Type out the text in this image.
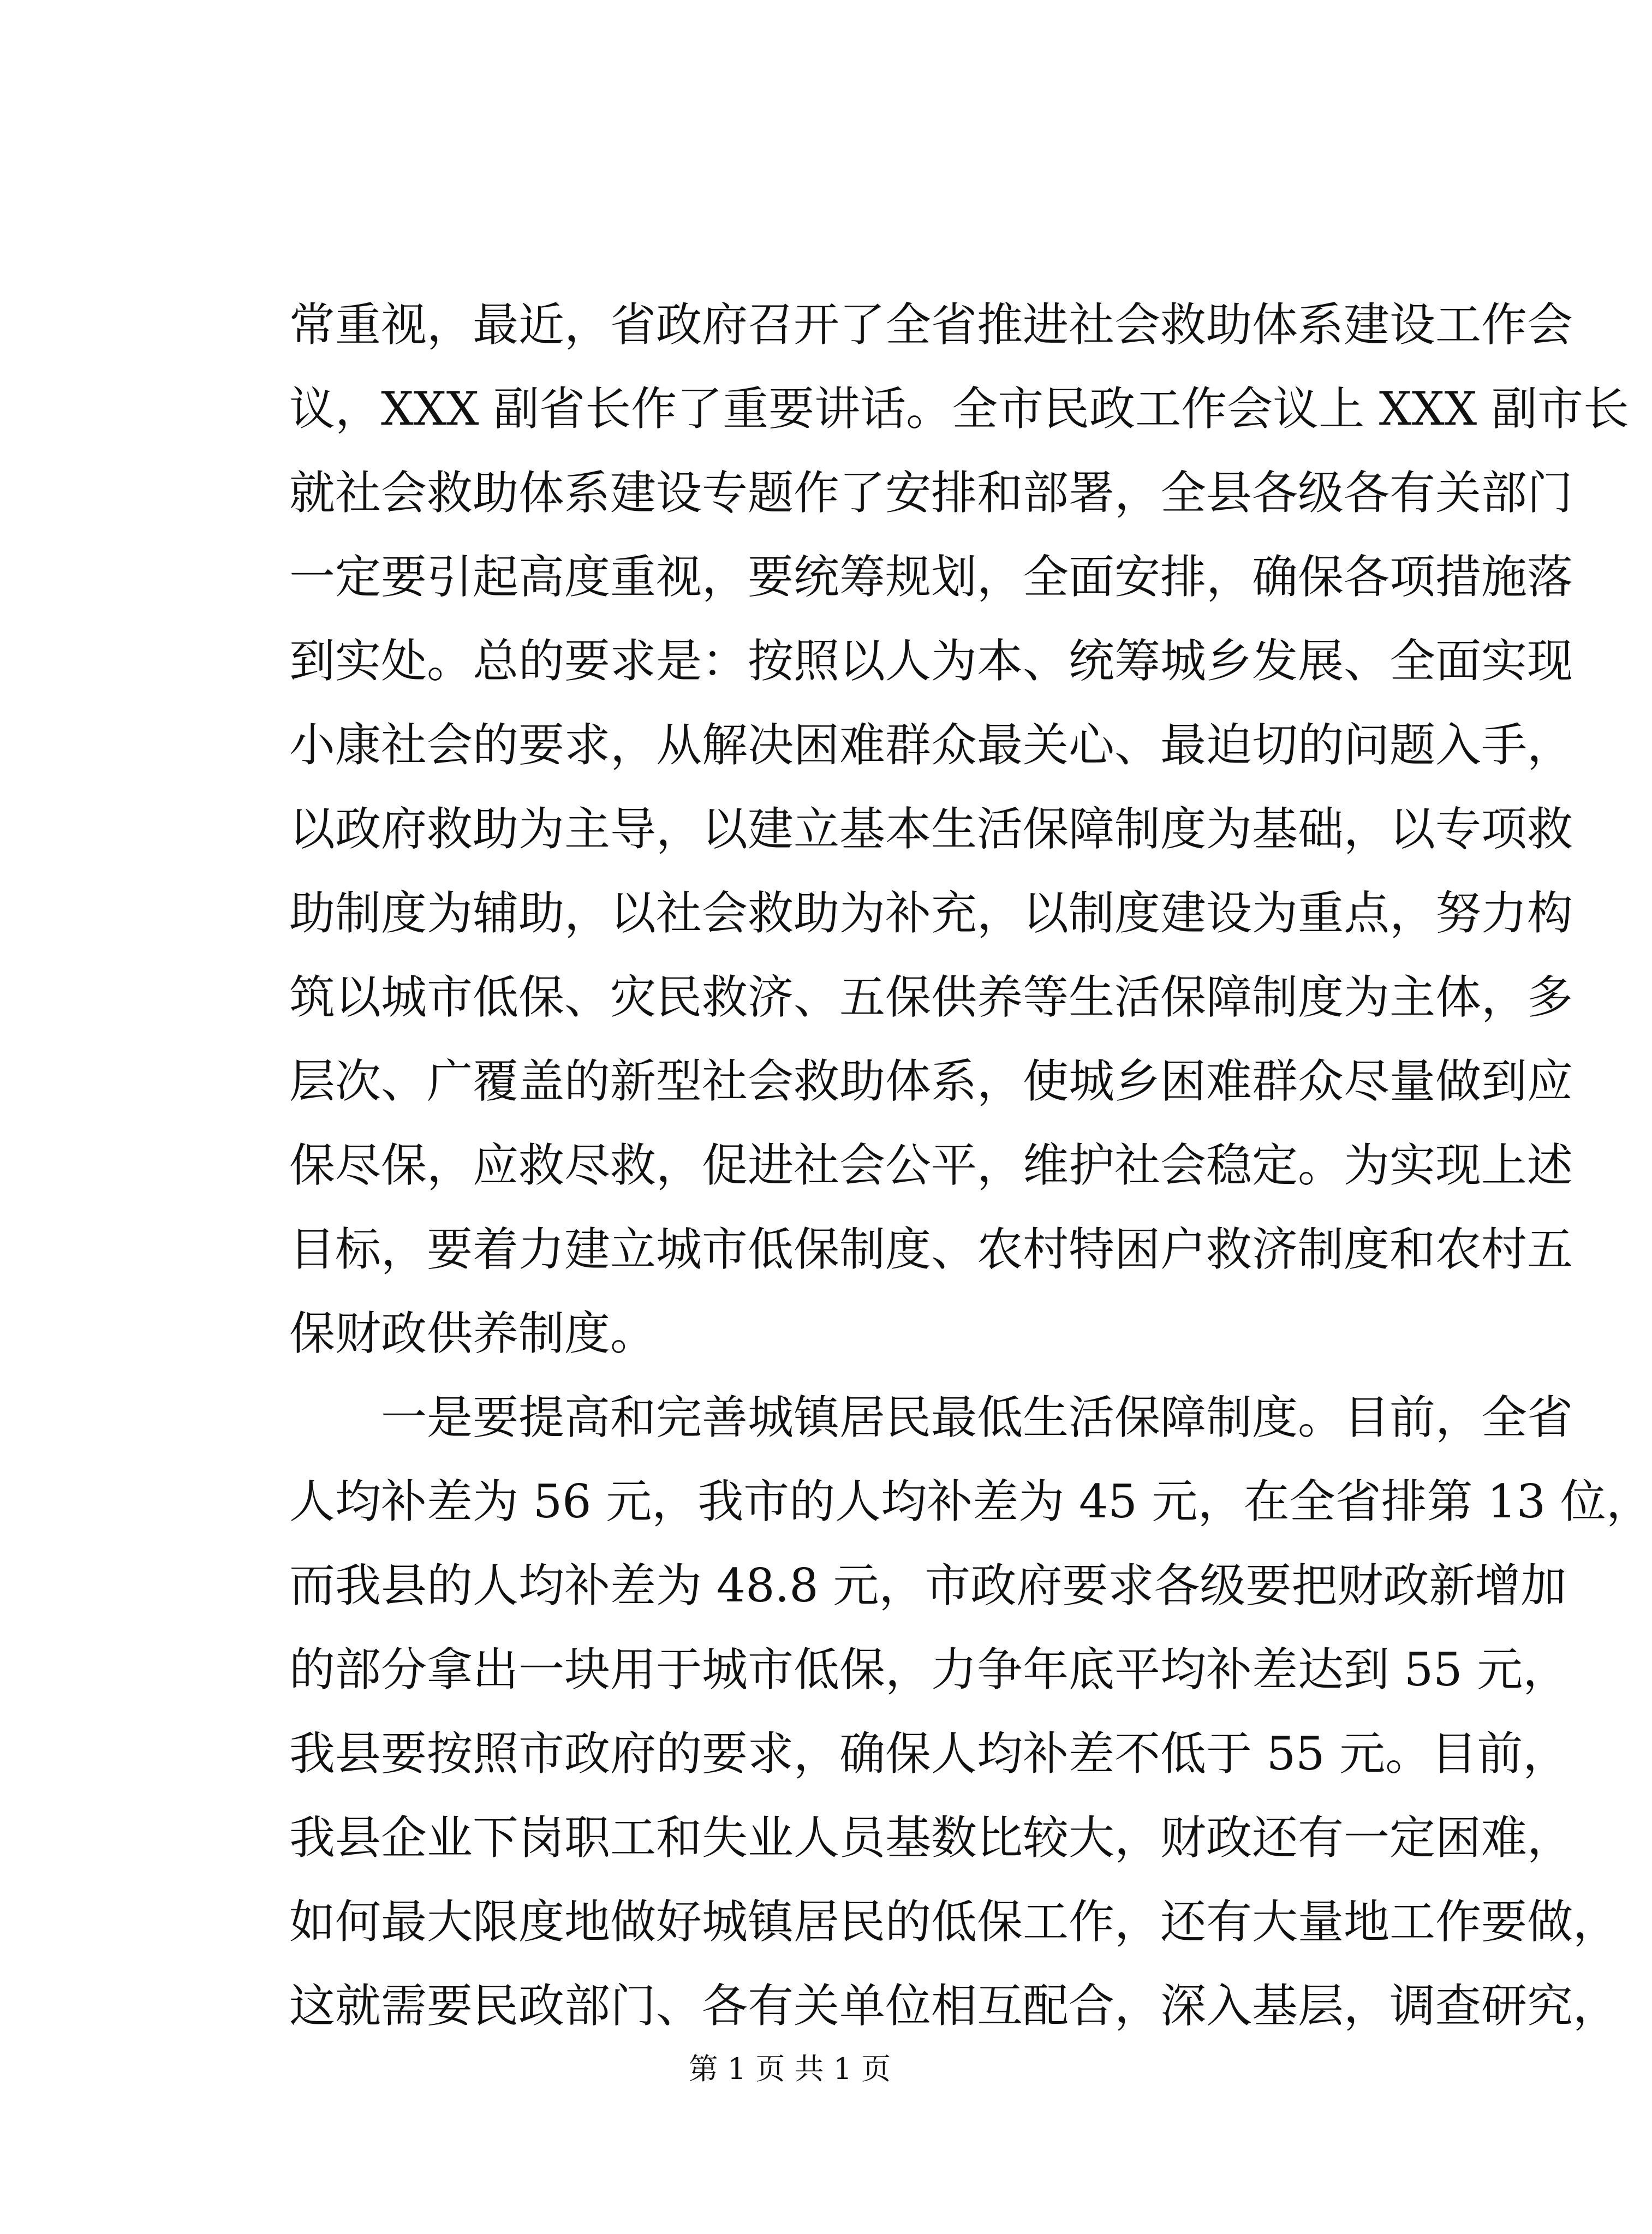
常重视，最近，省政府召开了全省推进社会救助体系建设工作会
议，XXX 副省长作了重要讲话。全市民政工作会议上 XXX 副市长
就社会救助体系建设专题作了安排和部署，全县各级各有关部门
一定要引起高度重视，要统筹规划，全面安排，确保各项措施落
到实处。总的要求是：按照以人为本、统筹城乡发展、全面实现
小康社会的要求，从解决困难群众最关心、最迫切的问题入手，
以政府救助为主导，以建立基本生活保障制度为基础，以专项救
助制度为辅助，以社会救助为补充，以制度建设为重点，努力构
筑以城市低保、灾民救济、五保供养等生活保障制度为主体，多
层次、广覆盖的新型社会救助体系，使城乡困难群众尽量做到应
保尽保，应救尽救，促进社会公平，维护社会稳定。为实现上述
目标，要着力建立城市低保制度、农村特困户救济制度和农村五
保财政供养制度。
一是要提高和完善城镇居民最低生活保障制度。目前，全省
人均补差为 56 元，我市的人均补差为 45 元，在全省排第 13 位，
而我县的人均补差为 48.8 元，市政府要求各级要把财政新增加
的部分拿出一块用于城市低保，力争年底平均补差达到 55 元，
我县要按照市政府的要求，确保人均补差不低于 55 元。目前，
我县企业下岗职工和失业人员基数比较大，财政还有一定困难，
如何最大限度地做好城镇居民的低保工作，还有大量地工作要做，
这就需要民政部门、各有关单位相互配合，深入基层，调查研究，
第 1 页 共 1 页
